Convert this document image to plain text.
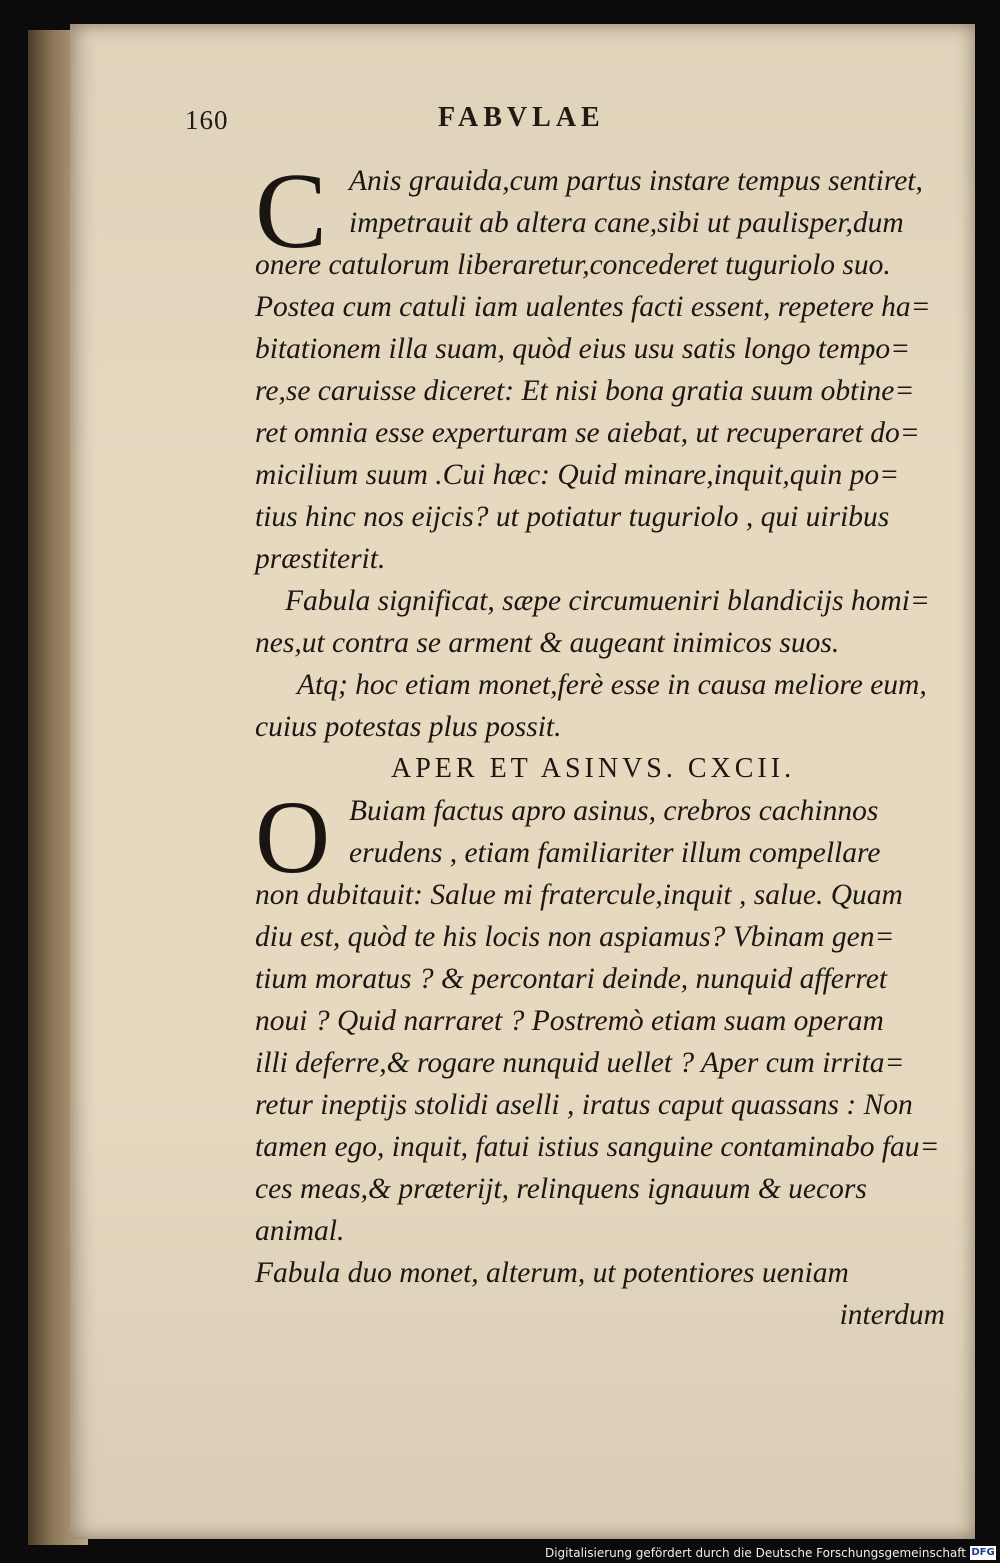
160	FABVLAE
C
O
Anis grauida,cum partus instare tempus sentiret,
impetrauit ab altera cane,sibi ut paulisper,dum
onere catulorum liberaretur,concederet tuguriolo suo.
Postea cum catuli iam ualentes facti essent, repetere ha=
bitationem illa suam, quòd eius usu satis longo tempo=
re,se caruisse diceret: Et nisi bona gratia suum obtine=
ret omnia esse experturam se aiebat, ut recuperaret do=
micilium suum .Cui hæc: Quid minare,inquit,quin po=
tius hinc nos eijcis? ut potiatur tuguriolo , qui uiribus
præstiterit.
Fabula significat, sæpe circumueniri blandicijs homi=
nes,ut contra se arment & augeant inimicos suos.
Atq; hoc etiam monet,ferè esse in causa meliore eum,
cuius potestas plus possit.
APER ET ASINVS. CXCII.
Buiam factus apro asinus, crebros cachinnos
erudens , etiam familiariter illum compellare
non dubitauit: Salue mi fratercule,inquit , salue. Quam
diu est, quòd te his locis non aspiamus? Vbinam gen=
tium moratus ? & percontari deinde, nunquid afferret
noui ? Quid narraret ? Postremò etiam suam operam
illi deferre,& rogare nunquid uellet ? Aper cum irrita=
retur ineptijs stolidi aselli , iratus caput quassans : Non
tamen ego, inquit, fatui istius sanguine contaminabo fau=
ces meas,& præterijt, relinquens ignauum & uecors
animal.
Fabula duo monet, alterum, ut potentiores ueniam
interdum
Digitalisierung gefördert durch die Deutsche Forschungsgemeinschaft DFG
